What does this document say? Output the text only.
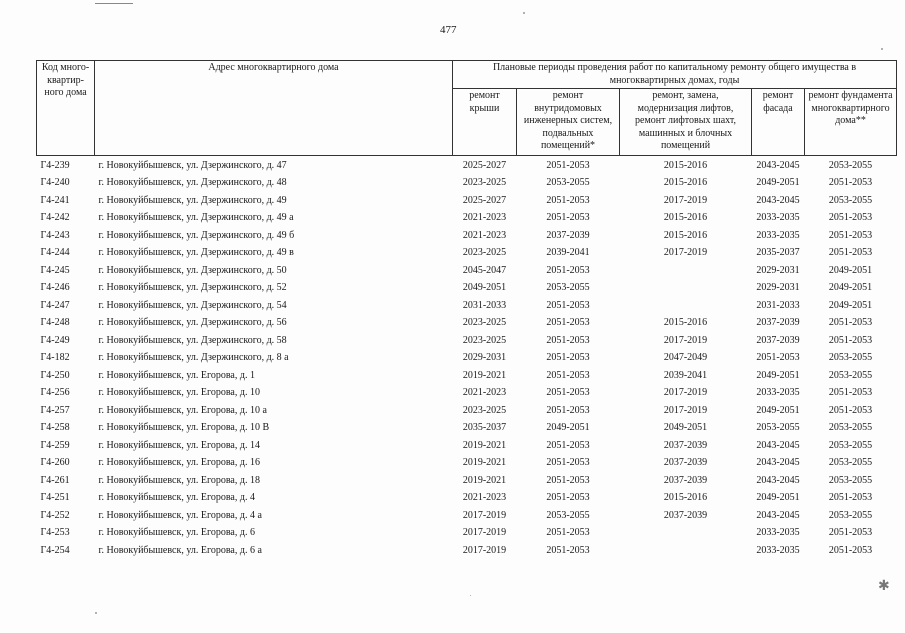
477
Код много-квартир-ного дома	Адрес многоквартирного дома	Плановые периоды проведения работ по капитальному ремонту общего имущества в многоквартирных домах, годы				
		ремонт крыши	ремонт внутридомовых инженерных систем, подвальных помещений*	ремонт, замена, модернизация лифтов, ремонт лифтовых шахт, машинных и блочных помещений	ремонт фасада	ремонт фундамента многоквартирного дома**
Г4-239	г. Новокуйбышевск, ул. Дзержинского, д. 47	2025-2027	2051-2053	2015-2016	2043-2045	2053-2055
Г4-240	г. Новокуйбышевск, ул. Дзержинского, д. 48	2023-2025	2053-2055	2015-2016	2049-2051	2051-2053
Г4-241	г. Новокуйбышевск, ул. Дзержинского, д. 49	2025-2027	2051-2053	2017-2019	2043-2045	2053-2055
Г4-242	г. Новокуйбышевск, ул. Дзержинского, д. 49 а	2021-2023	2051-2053	2015-2016	2033-2035	2051-2053
Г4-243	г. Новокуйбышевск, ул. Дзержинского, д. 49 б	2021-2023	2037-2039	2015-2016	2033-2035	2051-2053
Г4-244	г. Новокуйбышевск, ул. Дзержинского, д. 49 в	2023-2025	2039-2041	2017-2019	2035-2037	2051-2053
Г4-245	г. Новокуйбышевск, ул. Дзержинского, д. 50	2045-2047	2051-2053		2029-2031	2049-2051
Г4-246	г. Новокуйбышевск, ул. Дзержинского, д. 52	2049-2051	2053-2055		2029-2031	2049-2051
Г4-247	г. Новокуйбышевск, ул. Дзержинского, д. 54	2031-2033	2051-2053		2031-2033	2049-2051
Г4-248	г. Новокуйбышевск, ул. Дзержинского, д. 56	2023-2025	2051-2053	2015-2016	2037-2039	2051-2053
Г4-249	г. Новокуйбышевск, ул. Дзержинского, д. 58	2023-2025	2051-2053	2017-2019	2037-2039	2051-2053
Г4-182	г. Новокуйбышевск, ул. Дзержинского, д. 8 а	2029-2031	2051-2053	2047-2049	2051-2053	2053-2055
Г4-250	г. Новокуйбышевск, ул. Егорова, д. 1	2019-2021	2051-2053	2039-2041	2049-2051	2053-2055
Г4-256	г. Новокуйбышевск, ул. Егорова, д. 10	2021-2023	2051-2053	2017-2019	2033-2035	2051-2053
Г4-257	г. Новокуйбышевск, ул. Егорова, д. 10 а	2023-2025	2051-2053	2017-2019	2049-2051	2051-2053
Г4-258	г. Новокуйбышевск, ул. Егорова, д. 10 В	2035-2037	2049-2051	2049-2051	2053-2055	2053-2055
Г4-259	г. Новокуйбышевск, ул. Егорова, д. 14	2019-2021	2051-2053	2037-2039	2043-2045	2053-2055
Г4-260	г. Новокуйбышевск, ул. Егорова, д. 16	2019-2021	2051-2053	2037-2039	2043-2045	2053-2055
Г4-261	г. Новокуйбышевск, ул. Егорова, д. 18	2019-2021	2051-2053	2037-2039	2043-2045	2053-2055
Г4-251	г. Новокуйбышевск, ул. Егорова, д. 4	2021-2023	2051-2053	2015-2016	2049-2051	2051-2053
Г4-252	г. Новокуйбышевск, ул. Егорова, д. 4 а	2017-2019	2053-2055	2037-2039	2043-2045	2053-2055
Г4-253	г. Новокуйбышевск, ул. Егорова, д. 6	2017-2019	2051-2053		2033-2035	2051-2053
Г4-254	г. Новокуйбышевск, ул. Егорова, д. 6 а	2017-2019	2051-2053		2033-2035	2051-2053
✱
